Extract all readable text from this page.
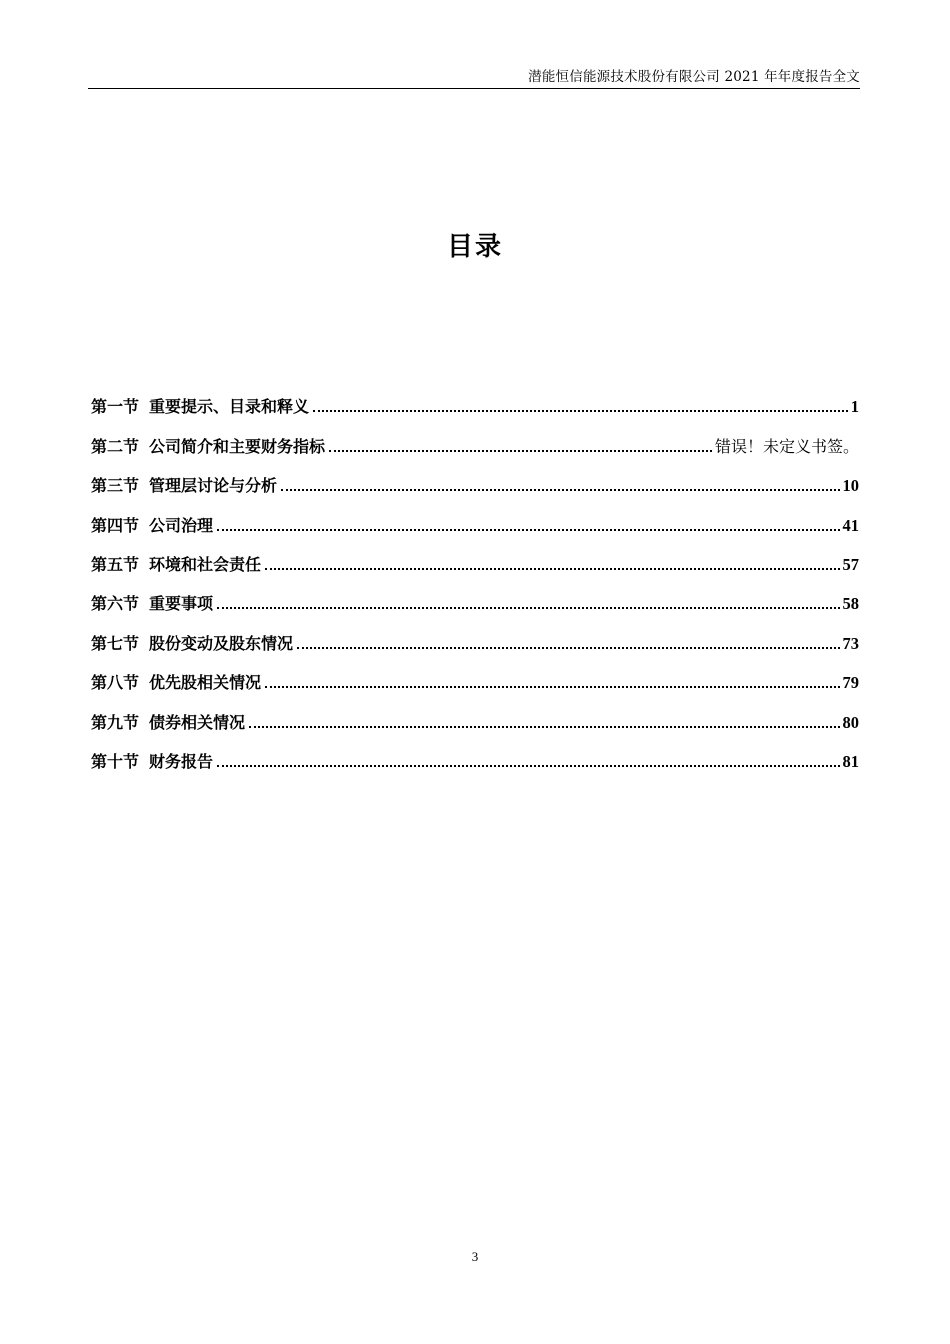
潜能恒信能源技术股份有限公司 2021 年年度报告全文
目录
第一节 重要提示、目录和释义	1
第二节 公司简介和主要财务指标	错误！未定义书签。
第三节 管理层讨论与分析	10
第四节 公司治理	41
第五节 环境和社会责任	57
第六节 重要事项	58
第七节 股份变动及股东情况	73
第八节 优先股相关情况	79
第九节 债券相关情况	80
第十节 财务报告	81
3
